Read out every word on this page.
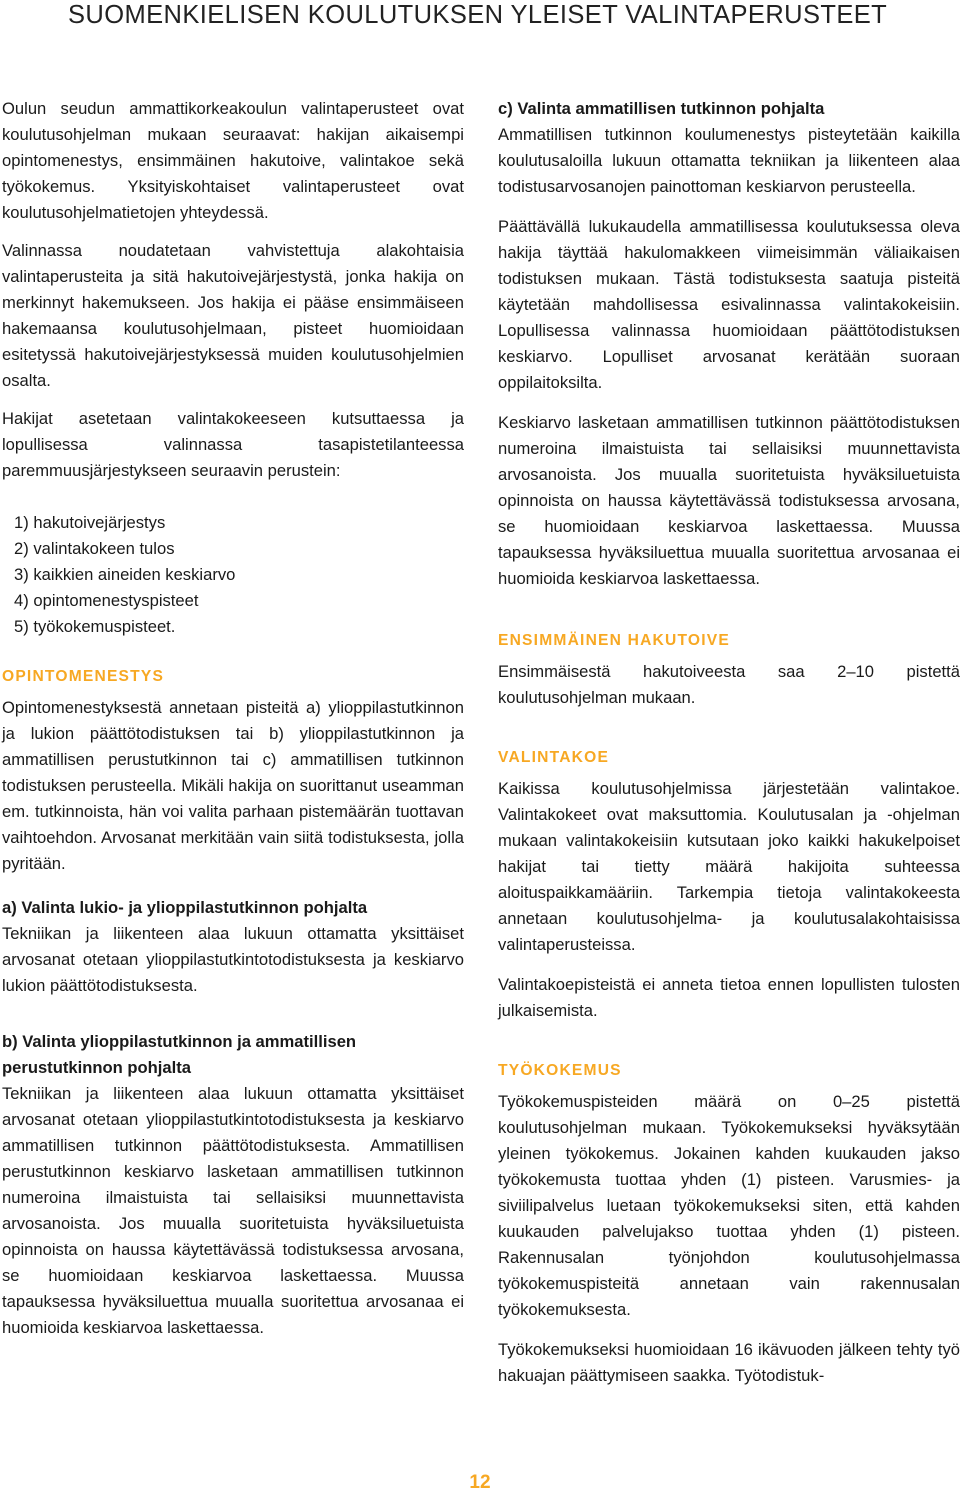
SUOMENKIELISEN KOULUTUKSEN YLEISET VALINTAPERUSTEET

Oulun seudun ammattikorkeakoulun valintaperusteet ovat koulutusohjelman mukaan seuraavat: hakijan aikaisempi opintomenestys, ensimmäinen hakutoive, valintakoe sekä työkokemus. Yksityiskohtaiset valintaperusteet ovat koulutusohjelmatietojen yhteydessä.

Valinnassa noudatetaan vahvistettuja alakohtaisia valintaperusteita ja sitä hakutoivejärjestystä, jonka hakija on merkinnyt hakemukseen. Jos hakija ei pääse ensimmäiseen hakemaansa koulutusohjelmaan, pisteet huomioidaan esitetyssä hakutoivejärjestyksessä muiden koulutusohjelmien osalta.

Hakijat asetetaan valintakokeeseen kutsuttaessa ja lopullisessa valinnassa tasapistetilanteessa paremmuusjärjestykseen seuraavin perustein:

1) hakutoivejärjestys
2) valintakokeen tulos
3) kaikkien aineiden keskiarvo
4) opintomenestyspisteet
5) työkokemuspisteet.
OPINTOMENESTYS

Opintomenestyksestä annetaan pisteitä a) ylioppilastutkinnon ja lukion päättötodistuksen tai b) ylioppilastutkinnon ja ammatillisen perustutkinnon tai c) ammatillisen tutkinnon todistuksen perusteella. Mikäli hakija on suorittanut useamman em. tutkinnoista, hän voi valita parhaan pistemäärän tuottavan vaihtoehdon. Arvosanat merkitään vain siitä todistuksesta, jolla pyritään.

a) Valinta lukio- ja ylioppilastutkinnon pohjalta

Tekniikan ja liikenteen alaa lukuun ottamatta yksittäiset arvosanat otetaan ylioppilastutkintotodistuksesta ja keskiarvo lukion päättötodistuksesta.

b) Valinta ylioppilastutkinnon ja ammatillisen perustutkinnon pohjalta

Tekniikan ja liikenteen alaa lukuun ottamatta yksittäiset arvosanat otetaan ylioppilastutkintotodistuksesta ja keskiarvo ammatillisen tutkinnon päättötodistuksesta. Ammatillisen perustutkinnon keskiarvo lasketaan ammatillisen tutkinnon numeroina ilmaistuista tai sellaisiksi muunnettavista arvosanoista. Jos muualla suoritetuista hyväksiluetuista opinnoista on haussa käytettävässä todistuksessa arvosana, se huomioidaan keskiarvoa laskettaessa. Muussa tapauksessa hyväksiluettua muualla suoritettua arvosanaa ei huomioida keskiarvoa laskettaessa.

c) Valinta ammatillisen tutkinnon pohjalta

Ammatillisen tutkinnon koulumenestys pisteytetään kaikilla koulutusaloilla lukuun ottamatta tekniikan ja liikenteen alaa todistusarvosanojen painottoman keskiarvon perusteella.

Päättävällä lukukaudella ammatillisessa koulutuksessa oleva hakija täyttää hakulomakkeen viimeisimmän väliaikaisen todistuksen mukaan. Tästä todistuksesta saatuja pisteitä käytetään mahdollisessa esivalinnassa valintakokeisiin. Lopullisessa valinnassa huomioidaan päättötodistuksen keskiarvo. Lopulliset arvosanat kerätään suoraan oppilaitoksilta.

Keskiarvo lasketaan ammatillisen tutkinnon päättötodistuksen numeroina ilmaistuista tai sellaisiksi muunnettavista arvosanoista. Jos muualla suoritetuista hyväksiluetuista opinnoista on haussa käytettävässä todistuksessa arvosana, se huomioidaan keskiarvoa laskettaessa. Muussa tapauksessa hyväksiluettua muualla suoritettua arvosanaa ei huomioida keskiarvoa laskettaessa.

ENSIMMÄINEN HAKUTOIVE

Ensimmäisestä hakutoiveesta saa 2–10 pistettä koulutusohjelman mukaan.

VALINTAKOE

Kaikissa koulutusohjelmissa järjestetään valintakoe. Valintakokeet ovat maksuttomia. Koulutusalan ja -ohjelman mukaan valintakokeisiin kutsutaan joko kaikki hakukelpoiset hakijat tai tietty määrä hakijoita suhteessa aloituspaikkamääriin. Tarkempia tietoja valintakokeesta annetaan koulutusohjelma- ja koulutusalakohtaisissa valintaperusteissa.

Valintakoepisteistä ei anneta tietoa ennen lopullisten tulosten julkaisemista.

TYÖKOKEMUS

Työkokemuspisteiden määrä on 0–25 pistettä koulutusohjelman mukaan. Työkokemukseksi hyväksytään yleinen työkokemus. Jokainen kahden kuukauden jakso työkokemusta tuottaa yhden (1) pisteen. Varusmies- ja siviilipalvelus luetaan työkokemukseksi siten, että kahden kuukauden palvelujakso tuottaa yhden (1) pisteen. Rakennusalan työnjohdon koulutusohjelmassa työkokemuspisteitä annetaan vain rakennusalan työkokemuksesta.

Työkokemukseksi huomioidaan 16 ikävuoden jälkeen tehty työ hakuajan päättymiseen saakka. Työtodistuk-

12
